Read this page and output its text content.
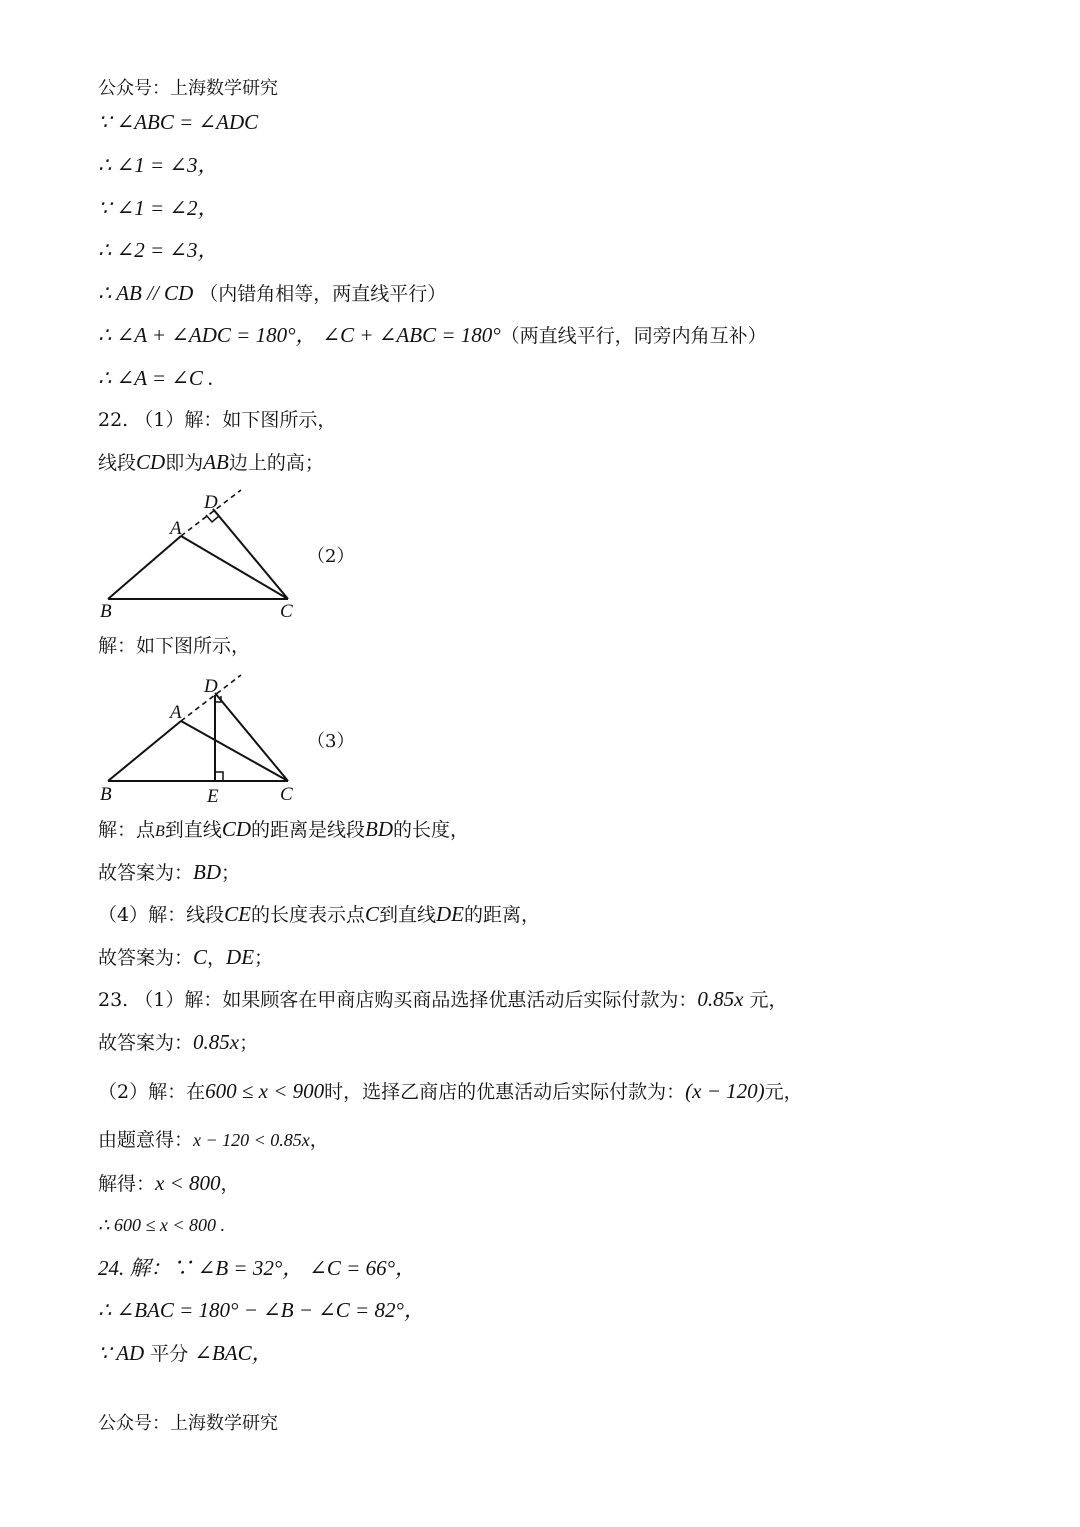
公众号：上海数学研究
∵ ∠ABC = ∠ADC
∴ ∠1 = ∠3，
∵ ∠1 = ∠2，
∴ ∠2 = ∠3，
∴ AB // CD （内错角相等，两直线平行）
∴ ∠A + ∠ADC = 180°， ∠C + ∠ABC = 180°（两直线平行，同旁内角互补）
∴ ∠A = ∠C .
22. （1）解：如下图所示，
线段CD即为AB边上的高；
D
A
B	C
（2）
解：如下图所示，
D
A
B	E	C
（3）
解：点B到直线CD的距离是线段BD的长度，
故答案为：BD；
（4）解：线段CE的长度表示点C到直线DE的距离，
故答案为：C，DE；
23. （1）解：如果顾客在甲商店购买商品选择优惠活动后实际付款为：0.85x 元，
故答案为：0.85x；
（2）解：在600 ≤ x < 900时，选择乙商店的优惠活动后实际付款为：(x − 120)元，
由题意得：x − 120 < 0.85x，
解得：x < 800，
∴ 600 ≤ x < 800 .
24. 解：∵ ∠B = 32°， ∠C = 66°，
∴ ∠BAC = 180° − ∠B − ∠C = 82°，
∵ AD 平分 ∠BAC，
公众号：上海数学研究
